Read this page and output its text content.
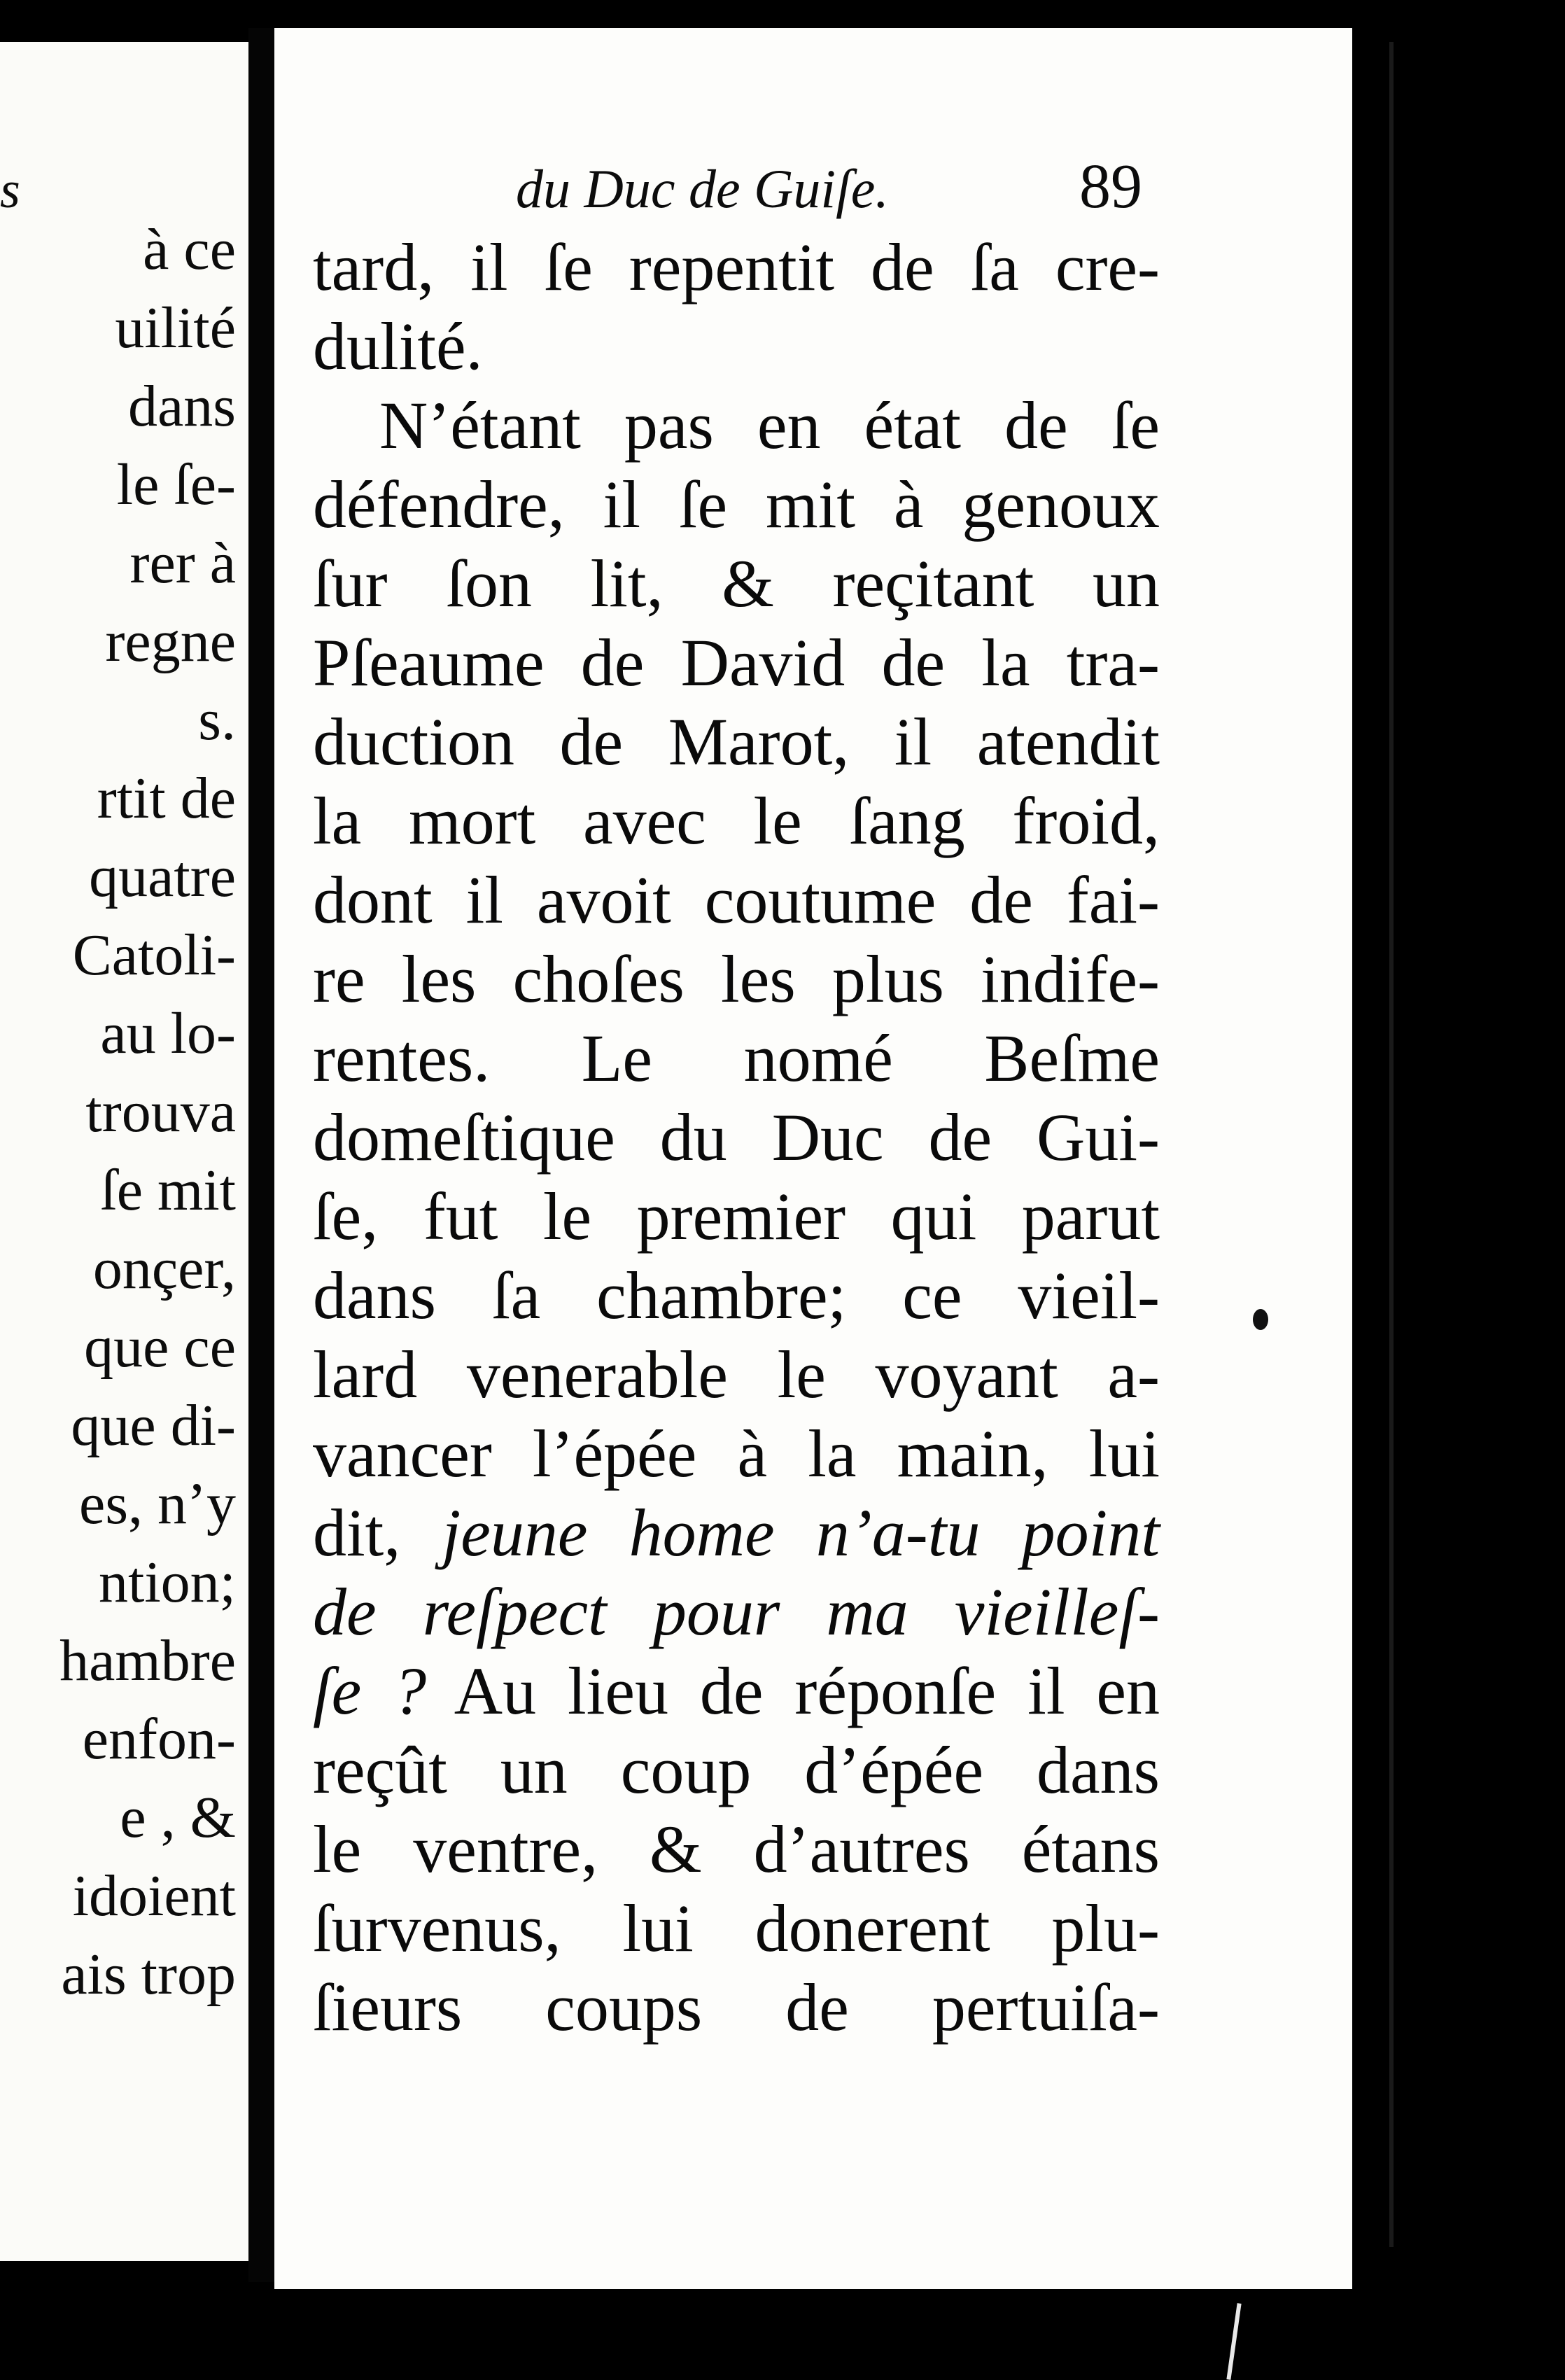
s
à ce
uilité
dans
le ſe-
rer à
regne
s.
rtit de
quatre
Catoli-
au lo-
trouva
ſe mit
onçer,
que ce
que di-
es, n’y
ntion;
hambre
enfon-
e , &
idoient
ais trop
du Duc de Guiſe.	89
tard, il ſe repentit de ſa cre-
dulité.
N’étant pas en état de ſe
défendre, il ſe mit à genoux
ſur ſon lit, & reçitant un
Pſeaume de David de la tra-
duction de Marot, il atendit
la mort avec le ſang froid,
dont il avoit coutume de fai-
re les choſes les plus indife-
rentes. Le nomé Beſme
domeſtique du Duc de Gui-
ſe, fut le premier qui parut
dans ſa chambre; ce vieil-
lard venerable le voyant a-
vancer l’épée à la main, lui
dit, jeune home n’a-tu point
de reſpect pour ma vieilleſ-
ſe ? Au lieu de réponſe il en
reçût un coup d’épée dans
le ventre, & d’autres étans
ſurvenus, lui donerent plu-
ſieurs coups de pertuiſa-
